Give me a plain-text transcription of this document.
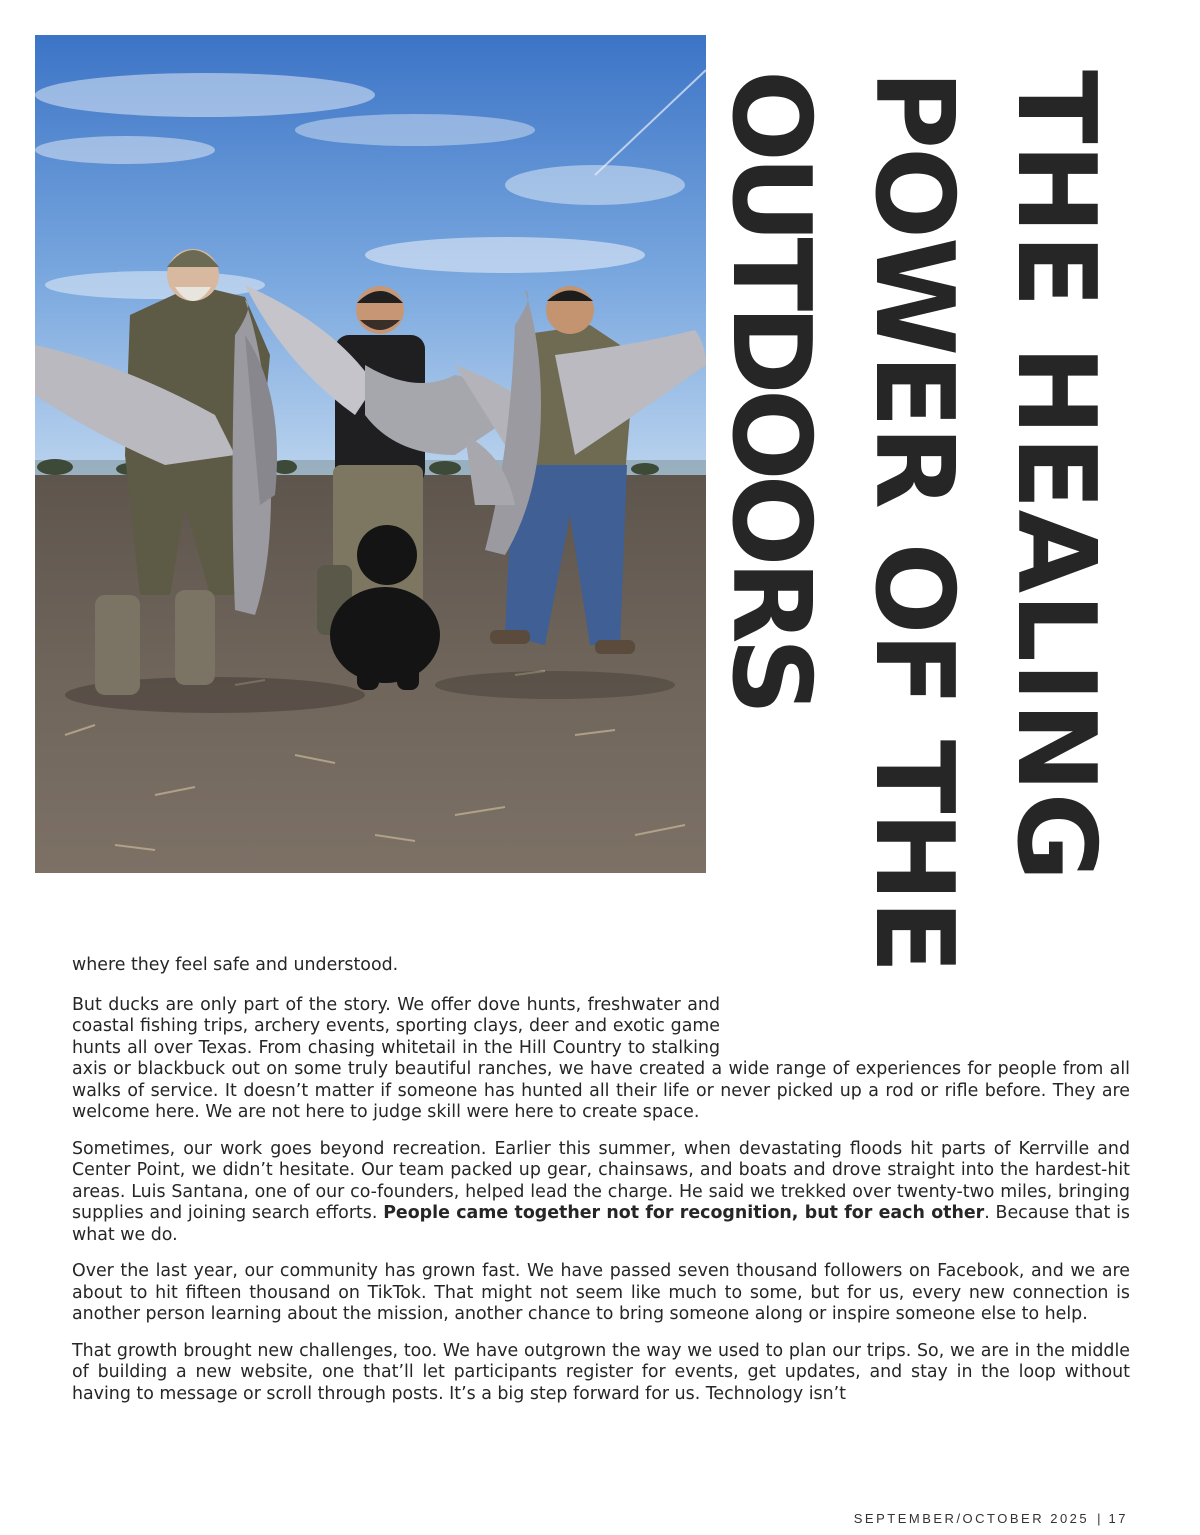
THE HEALING
POWER OF THE
OUTDOORS

where they feel safe and understood.

But ducks are only part of the story. We offer dove hunts, freshwater and coastal fishing trips, archery events, sporting clays, deer and exotic game hunts all over Texas. From chasing whitetail in the Hill Country to stalking axis or blackbuck out on some truly beautiful ranches, we have created a wide range of experiences for people from all walks of service. It doesn’t matter if someone has hunted all their life or never picked up a rod or rifle before. They are welcome here. We are not here to judge skill were here to create space.

Sometimes, our work goes beyond recreation. Earlier this summer, when devastating floods hit parts of Kerrville and Center Point, we didn’t hesitate. Our team packed up gear, chainsaws, and boats and drove straight into the hardest-hit areas. Luis Santana, one of our co-founders, helped lead the charge. He said we trekked over twenty-two miles, bringing supplies and joining search efforts. People came together not for recognition, but for each other. Because that is what we do.

Over the last year, our community has grown fast. We have passed seven thousand followers on Facebook, and we are about to hit fifteen thousand on TikTok. That might not seem like much to some, but for us, every new connection is another person learning about the mission, another chance to bring someone along or inspire someone else to help.

That growth brought new challenges, too. We have outgrown the way we used to plan our trips. So, we are in the middle of building a new website, one that’ll let participants register for events, get updates, and stay in the loop without having to message or scroll through posts. It’s a big step forward for us. Technology isn’t

SEPTEMBER/OCTOBER 2025 | 17
